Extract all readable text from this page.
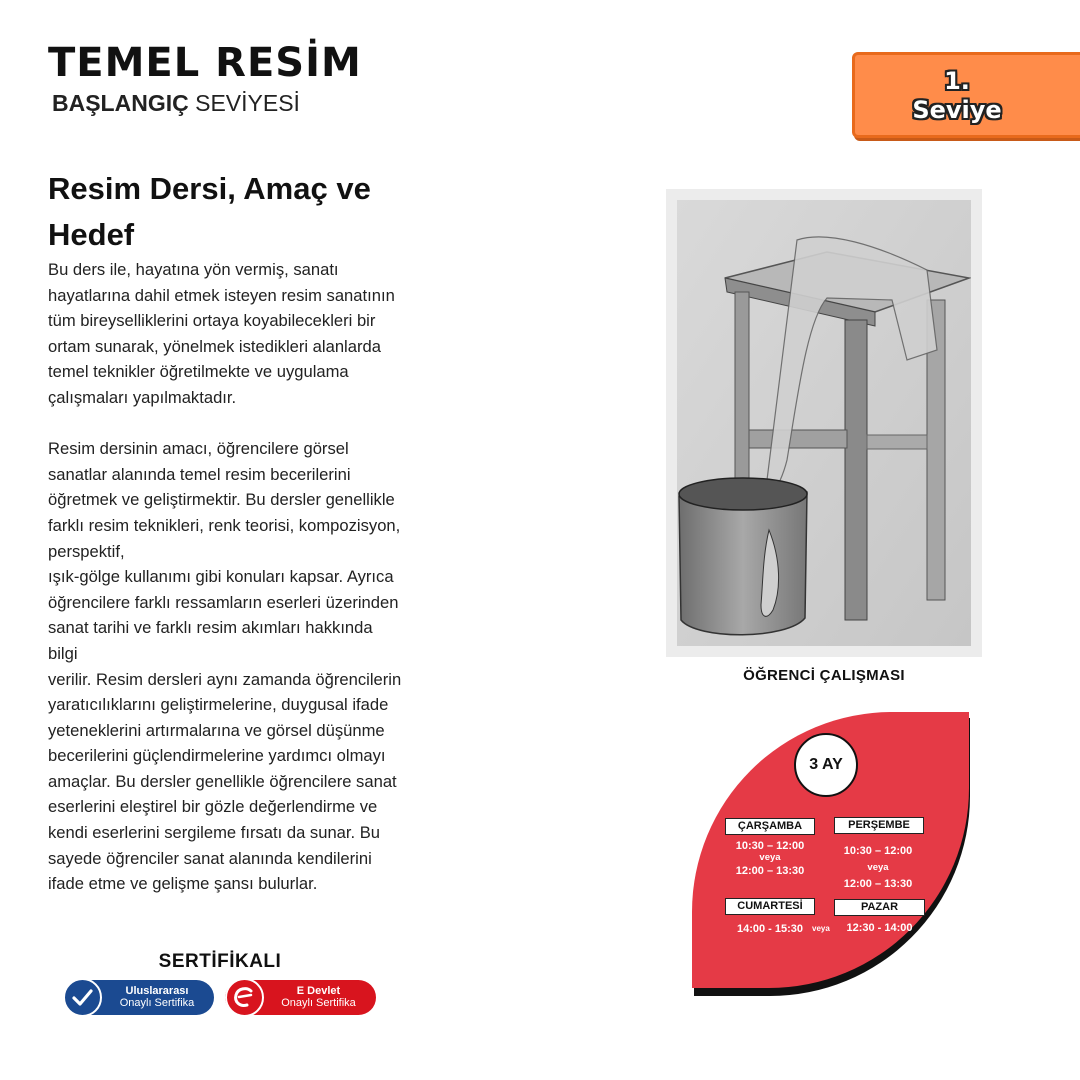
TEMEL RESİM
BAŞLANGIÇ SEVİYESİ
1.
Seviye
Resim Dersi, Amaç ve Hedef

Bu ders ile, hayatına yön vermiş, sanatı
hayatlarına dahil etmek isteyen resim sanatının
tüm bireyselliklerini ortaya koyabilecekleri bir
ortam sunarak, yönelmek istedikleri alanlarda
temel teknikler öğretilmekte ve uygulama
çalışmaları yapılmaktadır.

Resim dersinin amacı, öğrencilere görsel
sanatlar alanında temel resim becerilerini
öğretmek ve geliştirmektir. Bu dersler genellikle
farklı resim teknikleri, renk teorisi, kompozisyon,
perspektif,
ışık-gölge kullanımı gibi konuları kapsar. Ayrıca
öğrencilere farklı ressamların eserleri üzerinden
sanat tarihi ve farklı resim akımları hakkında
bilgi
verilir. Resim dersleri aynı zamanda öğrencilerin
yaratıcılıklarını geliştirmelerine, duygusal ifade
yeteneklerini artırmalarına ve görsel düşünme
becerilerini güçlendirmelerine yardımcı olmayı
amaçlar. Bu dersler genellikle öğrencilere sanat
eserlerini eleştirel bir gözle değerlendirme ve
kendi eserlerini sergileme fırsatı da sunar. Bu
sayede öğrenciler sanat alanında kendilerini
ifade etme ve gelişme şansı bulurlar.

ÖĞRENCİ ÇALIŞMASI
ÇARŞAMBA
10:30 – 12:00
veya
12:00 – 13:30
PERŞEMBE
10:30 – 12:00
veya
12:00 – 13:30
CUMARTESİ
14:00 - 15:30	veya
PAZAR
12:30 - 14:00
3 AY
SERTİFİKALI
Uluslararası
Onaylı Sertifika
E Devlet
Onaylı Sertifika
